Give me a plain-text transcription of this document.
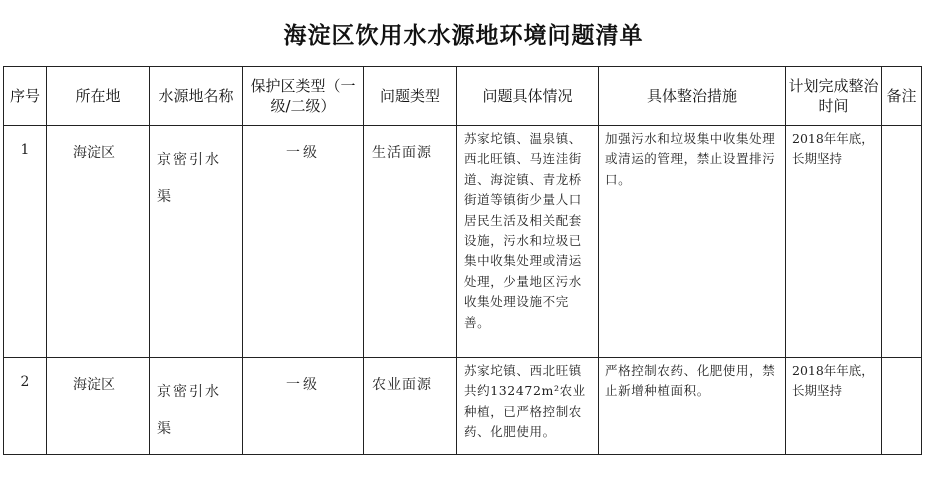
海淀区饮用水水源地环境问题清单
序号	所在地	水源地名称	保护区类型（一级/二级）	问题类型	问题具体情况	具体整治措施	计划完成整治时间	备注

1	海淀区	京密引水渠	一级	生活面源	苏家坨镇、温泉镇、西北旺镇、马连洼街道、海淀镇、青龙桥街道等镇街少量人口居民生活及相关配套设施，污水和垃圾已集中收集处理或清运处理，少量地区污水收集处理设施不完善。	加强污水和垃圾集中收集处理或清运的管理，禁止设置排污口。	2018年年底，长期坚持	

2	海淀区	京密引水渠	一级	农业面源	苏家坨镇、西北旺镇共约132472m²农业种植，已严格控制农药、化肥使用。	严格控制农药、化肥使用，禁止新增种植面积。	2018年年底，长期坚持	
